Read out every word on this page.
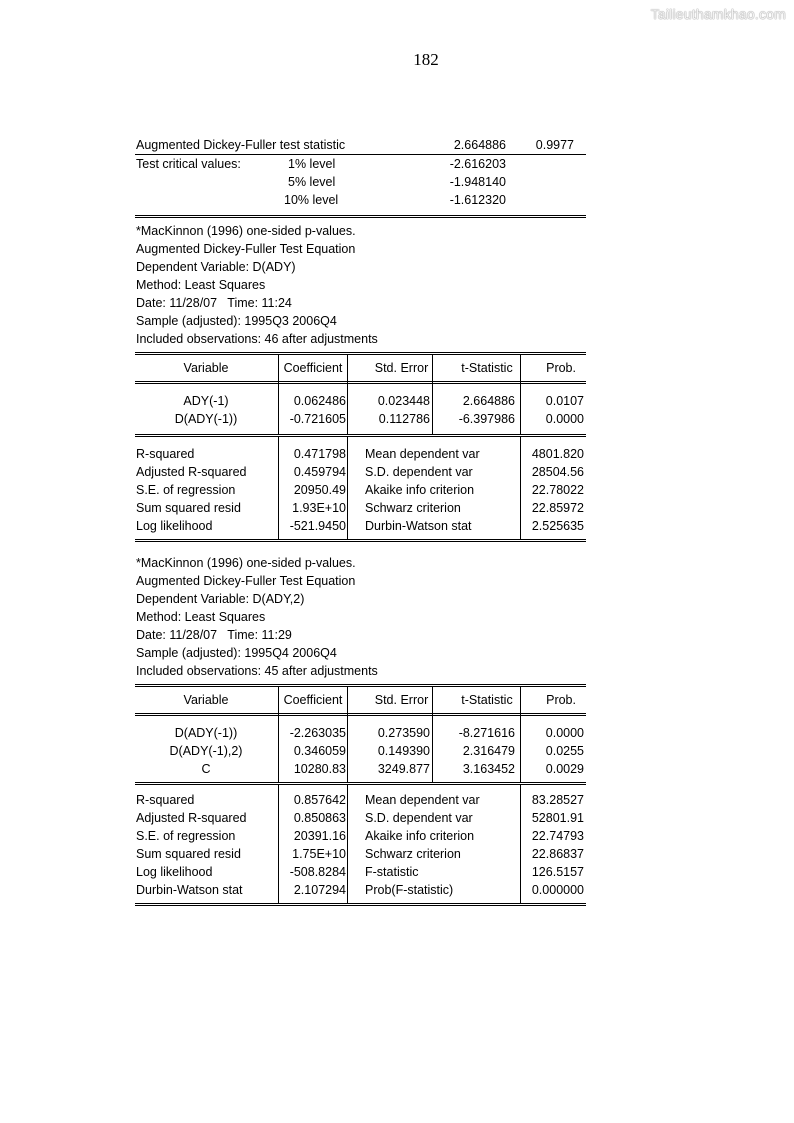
Tailieuthamkhao.com
182
Augmented Dickey-Fuller test statistic	2.664886 0.9977
Test critical values:	1% level	-2.616203
5% level	-1.948140
10% level	-1.612320
*MacKinnon (1996) one-sided p-values.
Augmented Dickey-Fuller Test Equation
Dependent Variable: D(ADY)
Method: Least Squares
Date: 11/28/07   Time: 11:24
Sample (adjusted): 1995Q3 2006Q4
Included observations: 46 after adjustments
Variable	Coefficient	Std. Error	t-Statistic	Prob.
ADY(-1)	0.062486	0.023448	2.664886 0.0107
D(ADY(-1))	-0.721605	0.112786 -6.397986 0.0000
R-squared	0.471798 Mean dependent var	4801.820
Adjusted R-squared	0.459794 S.D. dependent var	28504.56
S.E. of regression	20950.49 Akaike info criterion	22.78022
Sum squared resid	1.93E+10 Schwarz criterion	22.85972
Log likelihood	-521.9450 Durbin-Watson stat	2.525635
*MacKinnon (1996) one-sided p-values.
Augmented Dickey-Fuller Test Equation
Dependent Variable: D(ADY,2)
Method: Least Squares
Date: 11/28/07   Time: 11:29
Sample (adjusted): 1995Q4 2006Q4
Included observations: 45 after adjustments
Variable	Coefficient	Std. Error	t-Statistic	Prob.
D(ADY(-1))	-2.263035	0.273590 -8.271616 0.0000
D(ADY(-1),2)	0.346059	0.149390	2.316479 0.0255
C	10280.83	3249.877	3.163452 0.0029
R-squared	0.857642 Mean dependent var	83.28527
Adjusted R-squared	0.850863 S.D. dependent var	52801.91
S.E. of regression	20391.16 Akaike info criterion	22.74793
Sum squared resid	1.75E+10 Schwarz criterion	22.86837
Log likelihood	-508.8284 F-statistic	126.5157
Durbin-Watson stat	2.107294 Prob(F-statistic)	0.000000
